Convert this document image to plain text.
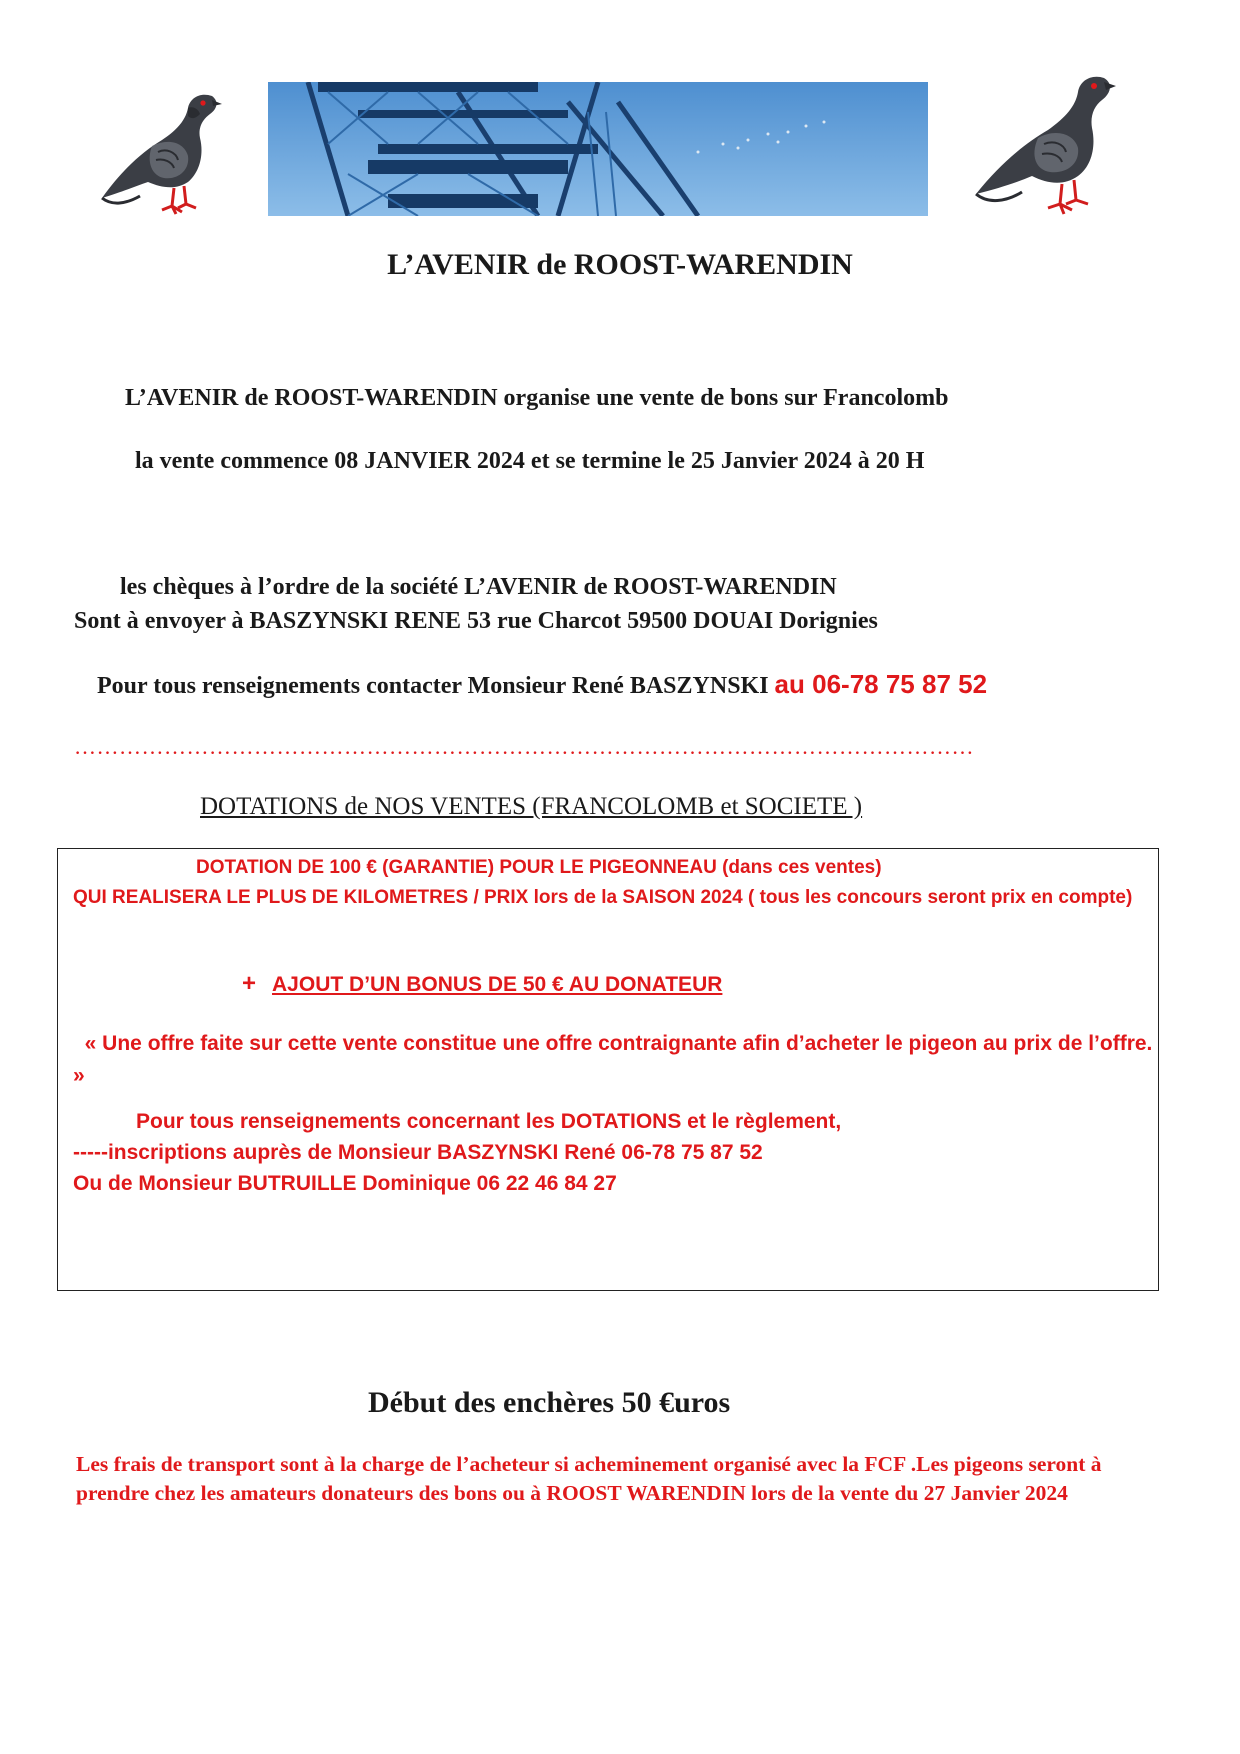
L’AVENIR de ROOST-WARENDIN
L’AVENIR de ROOST-WARENDIN organise une vente de bons sur Francolomb
la vente commence 08 JANVIER 2024 et se termine le 25 Janvier 2024 à 20 H
les chèques à l’ordre de la société L’AVENIR de ROOST-WARENDIN
Sont à envoyer à BASZYNSKI RENE 53 rue Charcot 59500 DOUAI Dorignies
Pour tous renseignements contacter Monsieur René BASZYNSKI au 06-78 75 87 52
…………………………………………………………………………………………………………
DOTATIONS de NOS VENTES (FRANCOLOMB et SOCIETE )
DOTATION DE 100 € (GARANTIE) POUR LE PIGEONNEAU (dans ces ventes)
QUI REALISERA LE PLUS DE KILOMETRES / PRIX lors de la SAISON 2024 ( tous les concours seront prix en compte)
+ AJOUT D’UN BONUS DE 50 € AU DONATEUR
« Une offre faite sur cette vente constitue une offre contraignante afin d’acheter le pigeon au prix de l’offre. »
Pour tous renseignements concernant les DOTATIONS et le règlement,
-----inscriptions auprès de Monsieur BASZYNSKI René 06-78 75 87 52
Ou de Monsieur BUTRUILLE Dominique 06 22 46 84 27
Début des enchères 50 €uros
Les frais de transport sont à la charge de l’acheteur si acheminement organisé avec la FCF .Les pigeons seront à prendre chez les amateurs donateurs des bons ou à ROOST WARENDIN lors de la vente du 27 Janvier 2024
